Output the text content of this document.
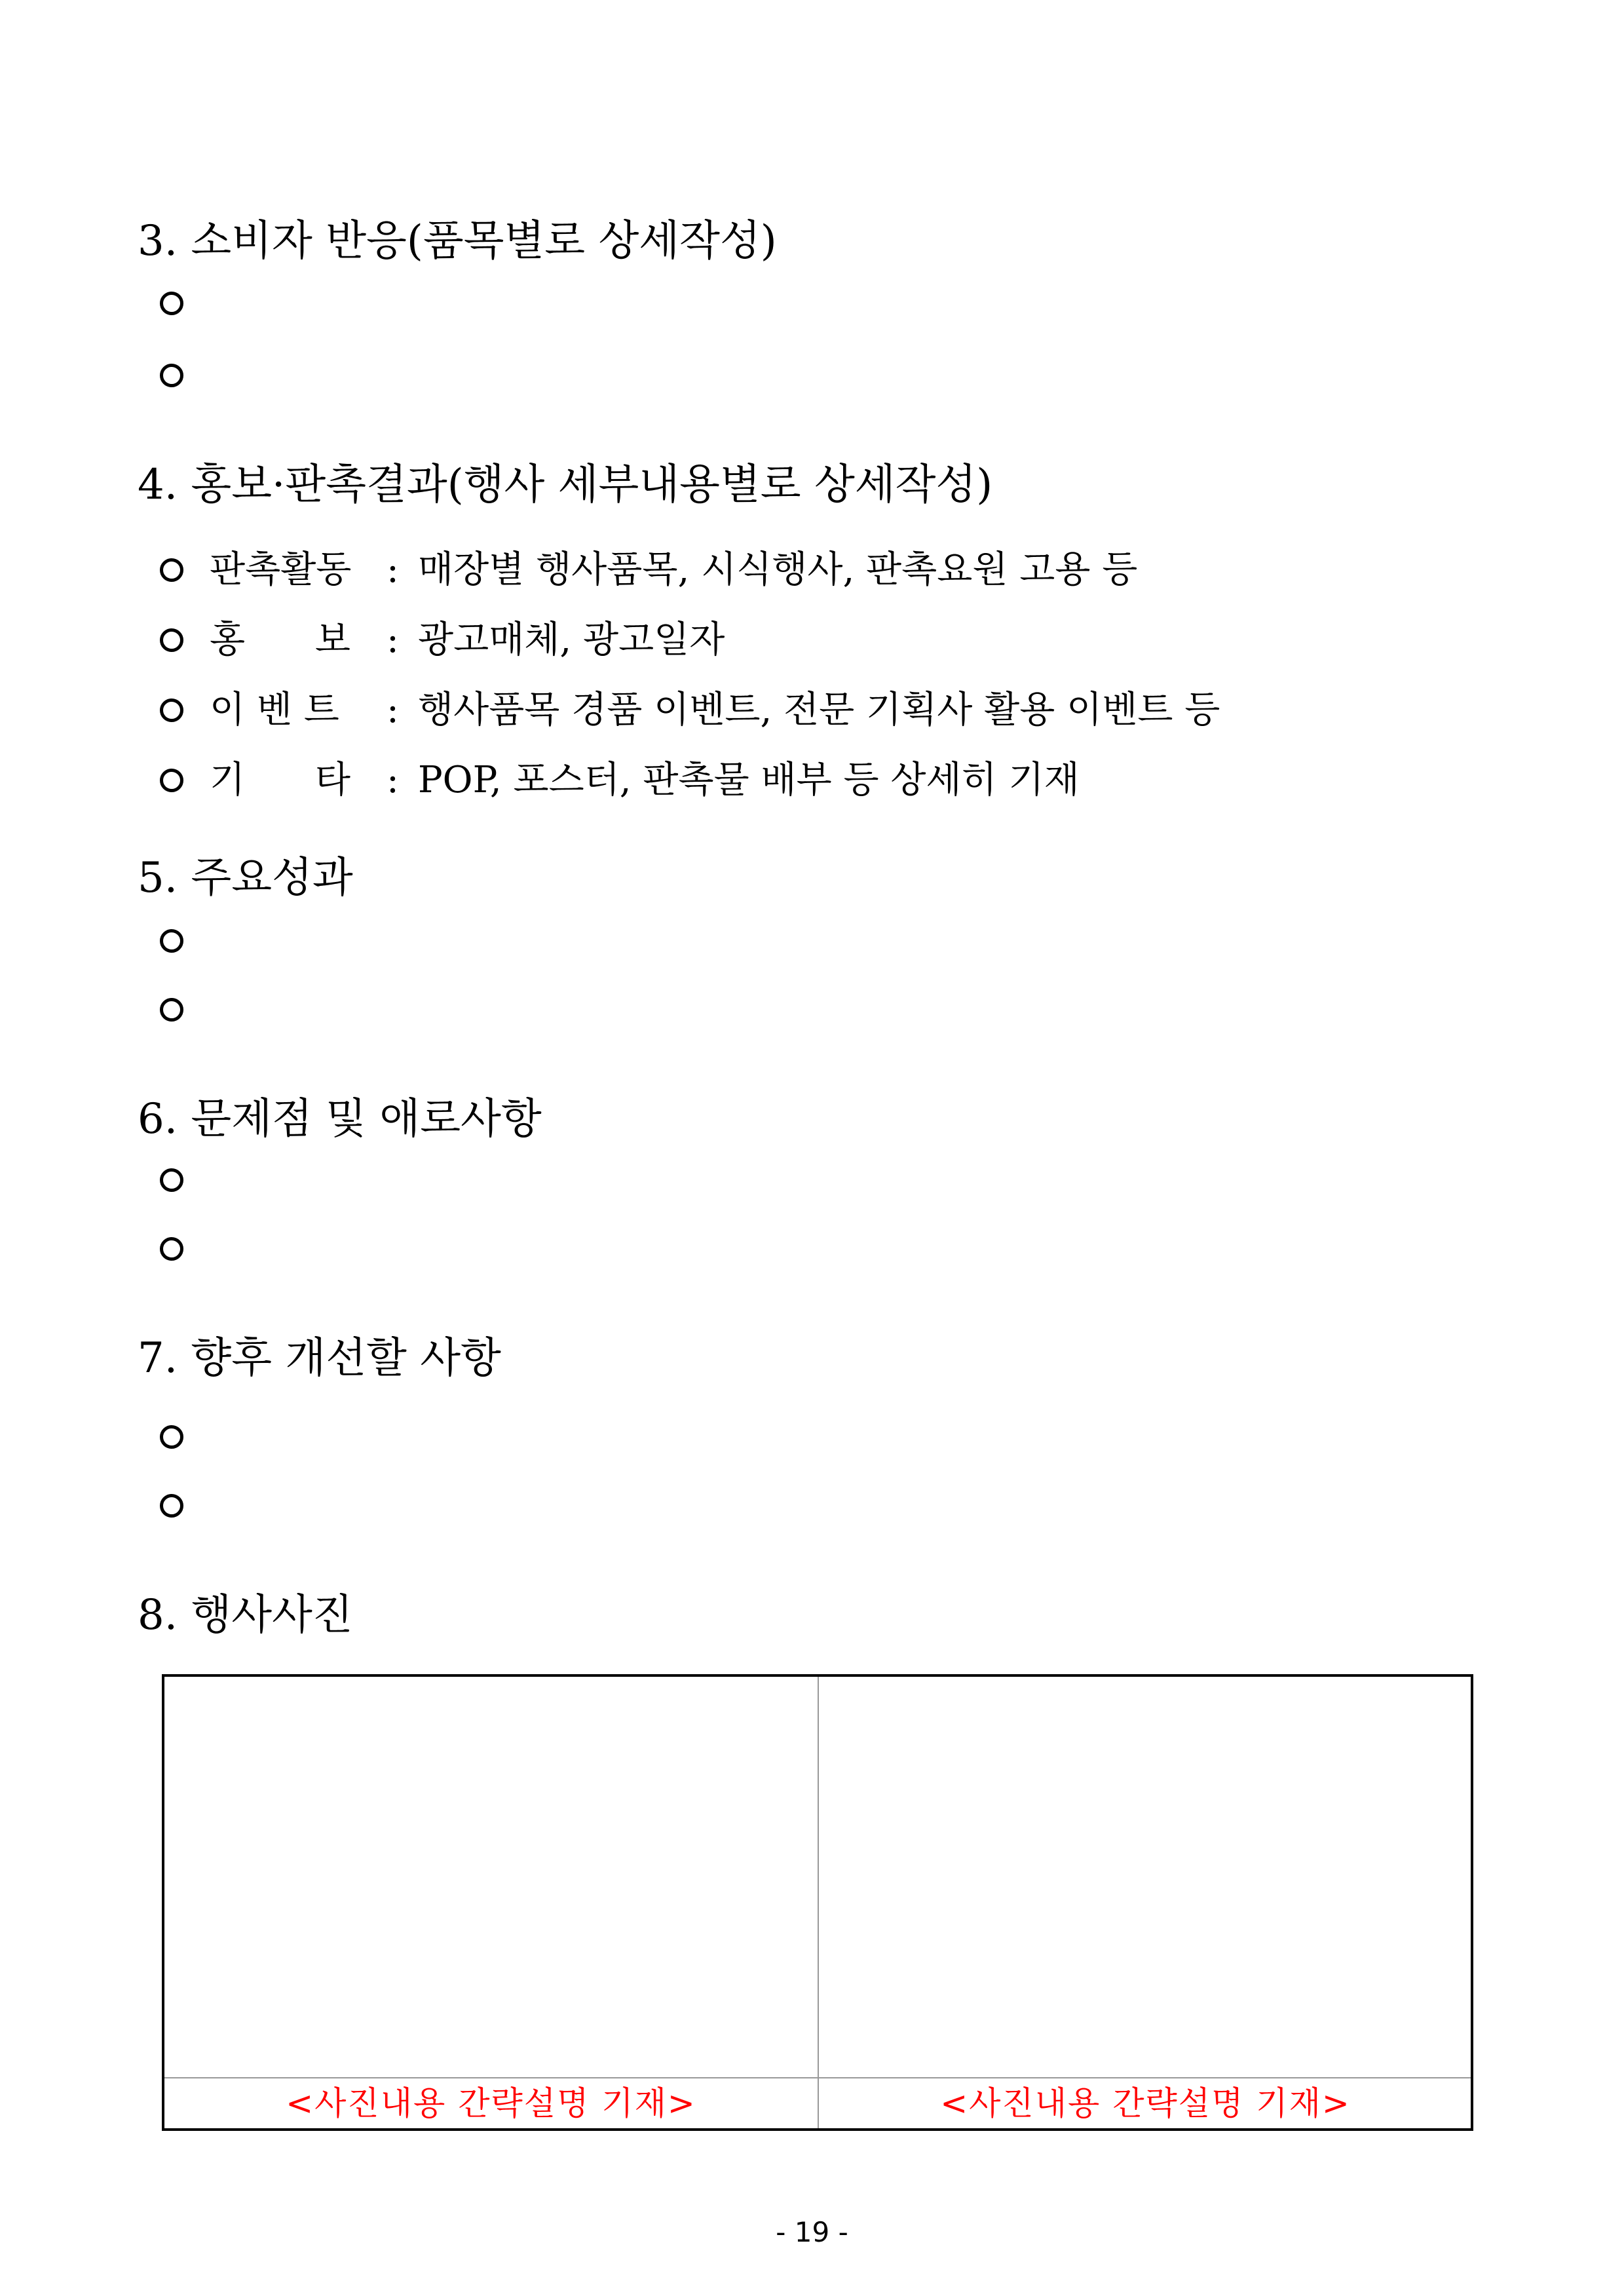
3. 소비자 반응(품목별로 상세작성)
4. 홍보·판촉결과(행사 세부내용별로 상세작성)
판촉활동 : 매장별 행사품목, 시식행사, 판촉요원 고용 등
홍      보 : 광고매체, 광고일자
이 벤 트	: 행사품목 경품 이벤트, 전문 기획사 활용 이벤트 등
기      타 : POP, 포스터, 판촉물 배부 등 상세히 기재
5. 주요성과
6. 문제점 및 애로사항
7. 향후 개선할 사항
8. 행사사진
<사진내용 간략설명 기재>	<사진내용 간략설명 기재>
- 19 -
